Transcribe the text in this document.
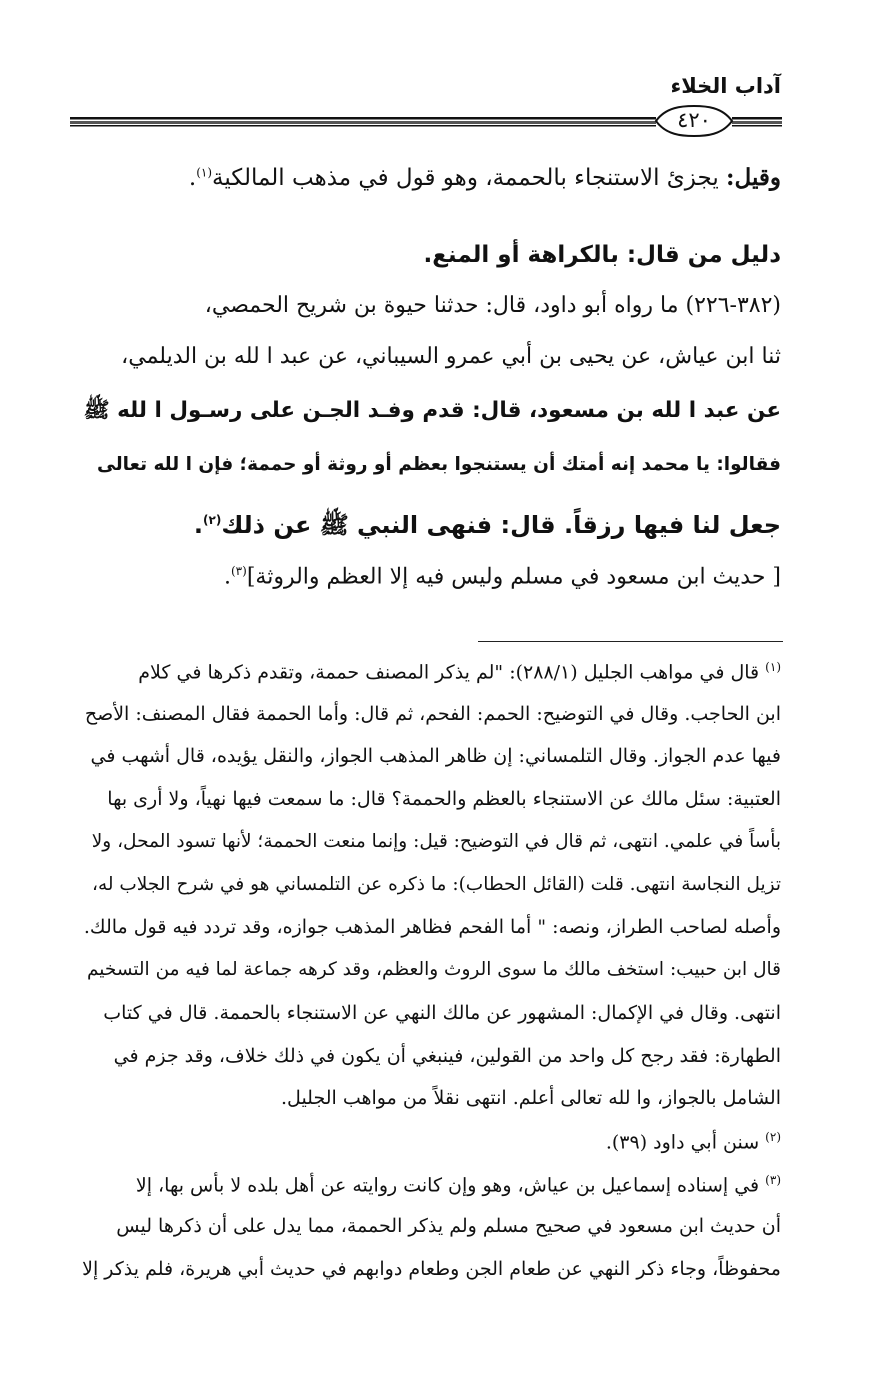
آداب الخلاء
٤٢٠
وقيل: يجزئ الاستنجاء بالحممة، وهو قول في مذهب المالكية$^{(١)}$.
دليل من قال: بالكراهة أو المنع.
(٣٨٢-٢٢٦) ما رواه أبو داود، قال: حدثنا حيوة بن شريح الحمصي،
ثنا ابن عياش، عن يحيى بن أبي عمرو السيباني، عن عبد ا لله بن الديلمي،
عن عبد ا لله بن مسعود، قال: قدم وفـد الجـن على رسـول ا لله ﷺ
فقالوا: يا محمد إنه أمتك أن يستنجوا بعظم أو روثة أو حممة؛ فإن ا لله تعالى
جعل لنا فيها رزقاً. قال: فنهى النبي ﷺ عن ذلك$^{(٢)}$.
[ حديث ابن مسعود في مسلم وليس فيه إلا العظم والروثة]$^{(٣)}$.
$^{(١)}$ قال في مواهب الجليل (٢٨٨/١): "لم يذكر المصنف حممة، وتقدم ذكرها في كلام
ابن الحاجب. وقال في التوضيح: الحمم: الفحم، ثم قال: وأما الحممة فقال المصنف: الأصح
فيها عدم الجواز. وقال التلمساني: إن ظاهر المذهب الجواز، والنقل يؤيده، قال أشهب في
العتبية: سئل مالك عن الاستنجاء بالعظم والحممة؟ قال: ما سمعت فيها نهياً، ولا أرى بها
بأساً في علمي. انتهى، ثم قال في التوضيح: قيل: وإنما منعت الحممة؛ لأنها تسود المحل، ولا
تزيل النجاسة انتهى. قلت (القائل الحطاب): ما ذكره عن التلمساني هو في شرح الجلاب له،
وأصله لصاحب الطراز، ونصه: " أما الفحم فظاهر المذهب جوازه، وقد تردد فيه قول مالك.
قال ابن حبيب: استخف مالك ما سوى الروث والعظم، وقد كرهه جماعة لما فيه من التسخيم
انتهى. وقال في الإكمال: المشهور عن مالك النهي عن الاستنجاء بالحممة. قال في كتاب
الطهارة: فقد رجح كل واحد من القولين، فينبغي أن يكون في ذلك خلاف، وقد جزم في
الشامل بالجواز، وا لله تعالى أعلم. انتهى نقلاً من مواهب الجليل.
$^{(٢)}$ سنن أبي داود (٣٩).
$^{(٣)}$ في إسناده إسماعيل بن عياش، وهو وإن كانت روايته عن أهل بلده لا بأس بها، إلا
أن حديث ابن مسعود في صحيح مسلم ولم يذكر الحممة، مما يدل على أن ذكرها ليس
محفوظاً، وجاء ذكر النهي عن طعام الجن وطعام دوابهم في حديث أبي هريرة، فلم يذكر إلا
